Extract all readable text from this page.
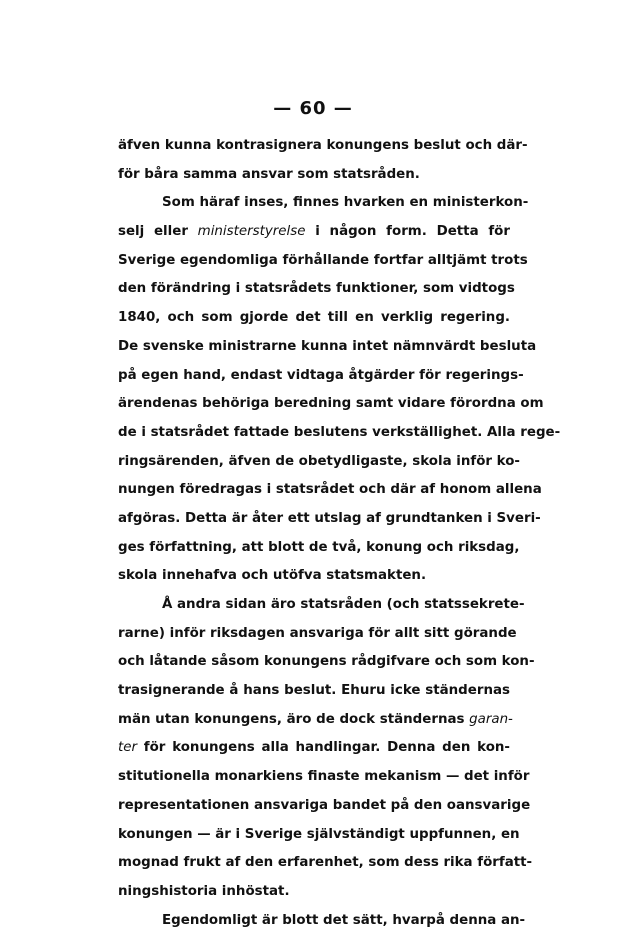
— 60 —
äfven kunna kontrasignera konungens beslut och där-
för båra samma ansvar som statsråden.
Som häraf inses, finnes hvarken en ministerkon-
selj eller ministerstyrelse i någon form. Detta för
Sverige egendomliga förhållande fortfar alltjämt trots
den förändring i statsrådets funktioner, som vidtogs
1840, och som gjorde det till en verklig regering.
De svenske ministrarne kunna intet nämnvärdt besluta
på egen hand, endast vidtaga åtgärder för regerings-
ärendenas behöriga beredning samt vidare förordna om
de i statsrådet fattade beslutens verkställighet. Alla rege-
ringsärenden, äfven de obetydligaste, skola inför ko-
nungen föredragas i statsrådet och där af honom allena
afgöras. Detta är åter ett utslag af grundtanken i Sveri-
ges författning, att blott de två, konung och riksdag,
skola innehafva och utöfva statsmakten.
Å andra sidan äro statsråden (och statssekrete-
rarne) inför riksdagen ansvariga för allt sitt görande
och låtande såsom konungens rådgifvare och som kon-
trasignerande å hans beslut. Ehuru icke ständernas
män utan konungens, äro de dock ständernas garan-
ter för konungens alla handlingar. Denna den kon-
stitutionella monarkiens finaste mekanism — det inför
representationen ansvariga bandet på den oansvarige
konungen — är i Sverige självständigt uppfunnen, en
mognad frukt af den erfarenhet, som dess rika författ-
ningshistoria inhöstat.
Egendomligt är blott det sätt, hvarpå denna an-
